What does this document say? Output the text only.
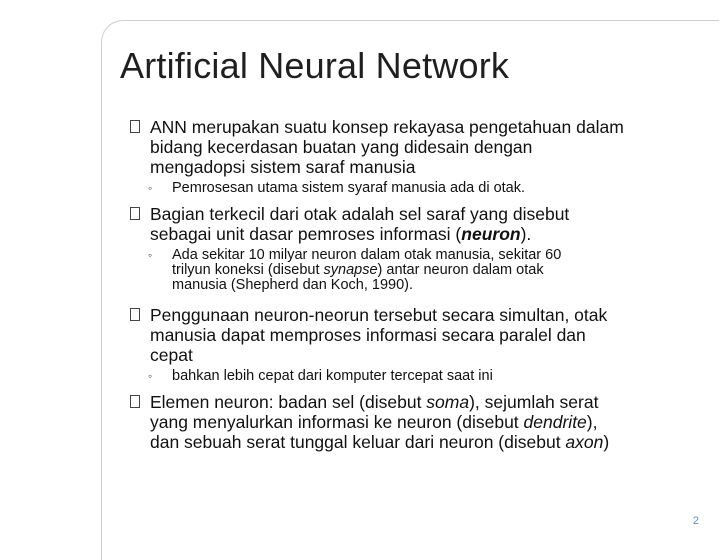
Artificial Neural Network
ANN merupakan suatu konsep rekayasa pengetahuan dalam
bidang kecerdasan buatan yang didesain dengan
mengadopsi sistem saraf manusia
◦ Pemrosesan utama sistem syaraf manusia ada di otak.
Bagian terkecil dari otak adalah sel saraf yang disebut
sebagai unit dasar pemroses informasi (neuron).
◦ Ada sekitar 10 milyar neuron dalam otak manusia, sekitar 60
trilyun koneksi (disebut synapse) antar neuron dalam otak
manusia (Shepherd dan Koch, 1990).
Penggunaan neuron-neorun tersebut secara simultan, otak
manusia dapat memproses informasi secara paralel dan
cepat
◦ bahkan lebih cepat dari komputer tercepat saat ini
Elemen neuron: badan sel (disebut soma), sejumlah serat
yang menyalurkan informasi ke neuron (disebut dendrite),
dan sebuah serat tunggal keluar dari neuron (disebut axon)
2
